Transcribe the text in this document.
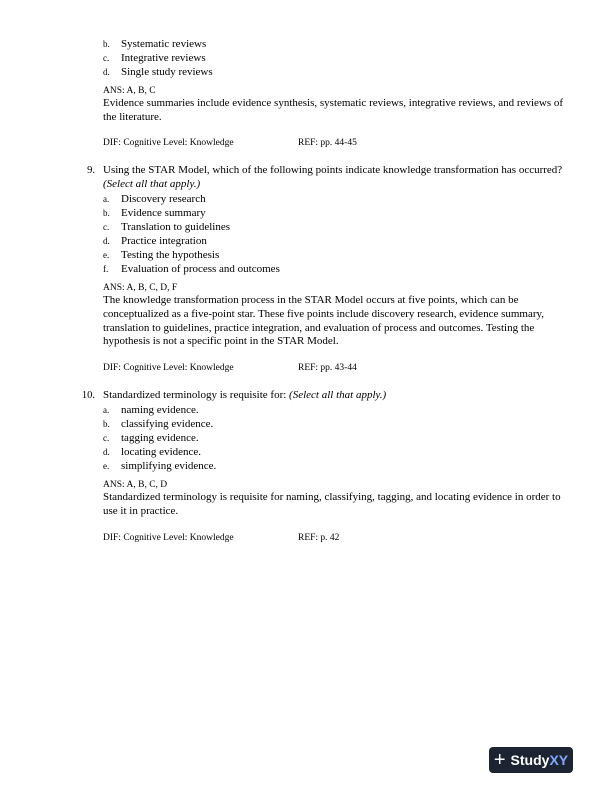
b. Systematic reviews
c. Integrative reviews
d. Single study reviews
ANS: A, B, C
Evidence summaries include evidence synthesis, systematic reviews, integrative reviews, and reviews of the literature.
DIF: Cognitive Level: Knowledge	REF: pp. 44-45
9. Using the STAR Model, which of the following points indicate knowledge transformation has occurred? (Select all that apply.)
a. Discovery research
b. Evidence summary
c. Translation to guidelines
d. Practice integration
e. Testing the hypothesis
f. Evaluation of process and outcomes
ANS: A, B, C, D, F
The knowledge transformation process in the STAR Model occurs at five points, which can be conceptualized as a five-point star. These five points include discovery research, evidence summary, translation to guidelines, practice integration, and evaluation of process and outcomes. Testing the hypothesis is not a specific point in the STAR Model.
DIF: Cognitive Level: Knowledge	REF: pp. 43-44
10. Standardized terminology is requisite for: (Select all that apply.)
a. naming evidence.
b. classifying evidence.
c. tagging evidence.
d. locating evidence.
e. simplifying evidence.
ANS: A, B, C, D
Standardized terminology is requisite for naming, classifying, tagging, and locating evidence in order to use it in practice.
DIF: Cognitive Level: Knowledge	REF: p. 42
+ Study XY
